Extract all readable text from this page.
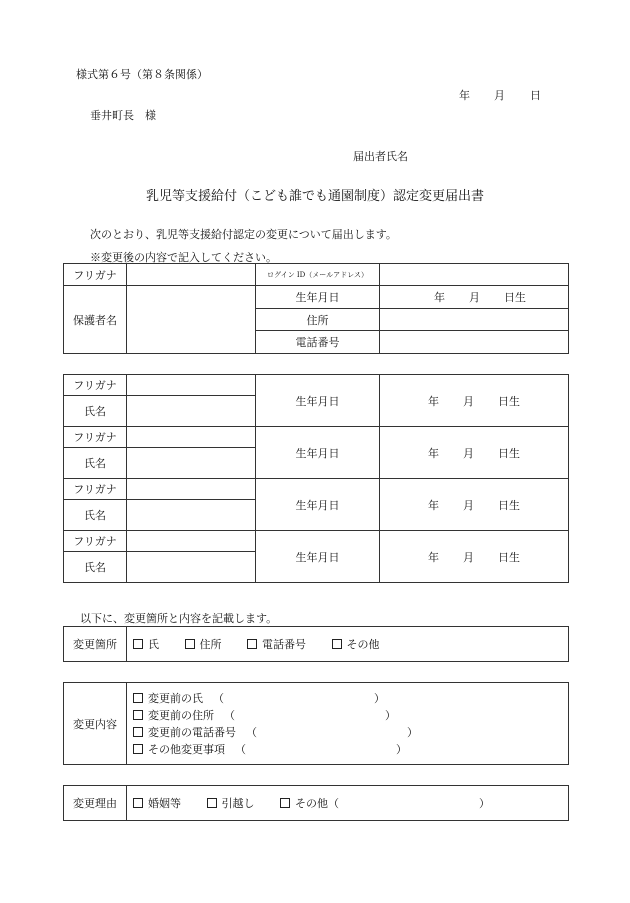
様式第６号（第８条関係）
年 月 日
垂井町長　様
届出者氏名
乳児等支援給付（こども誰でも通園制度）認定変更届出書
次のとおり、乳児等支援給付認定の変更について届出します。
※変更後の内容で記入してください。
フリガナ		ログイン ID（メールアドレス）	
保護者名		生年月日	年 月 日生
		住所	
		電話番号	
フリガナ		生年月日	年 月 日生
氏名			
フリガナ		生年月日	年 月 日生
氏名			
フリガナ		生年月日	年 月 日生
氏名			
フリガナ		生年月日	年 月 日生
氏名			
以下に、変更箇所と内容を記載します。
変更箇所	氏	住所	電話番号	その他
変更内容	
変更前の氏 （	）
変更前の住所 （	）
変更前の電話番号 （	）
その他変更事項 （	）
変更理由	婚姻等	引越し	その他（	）
